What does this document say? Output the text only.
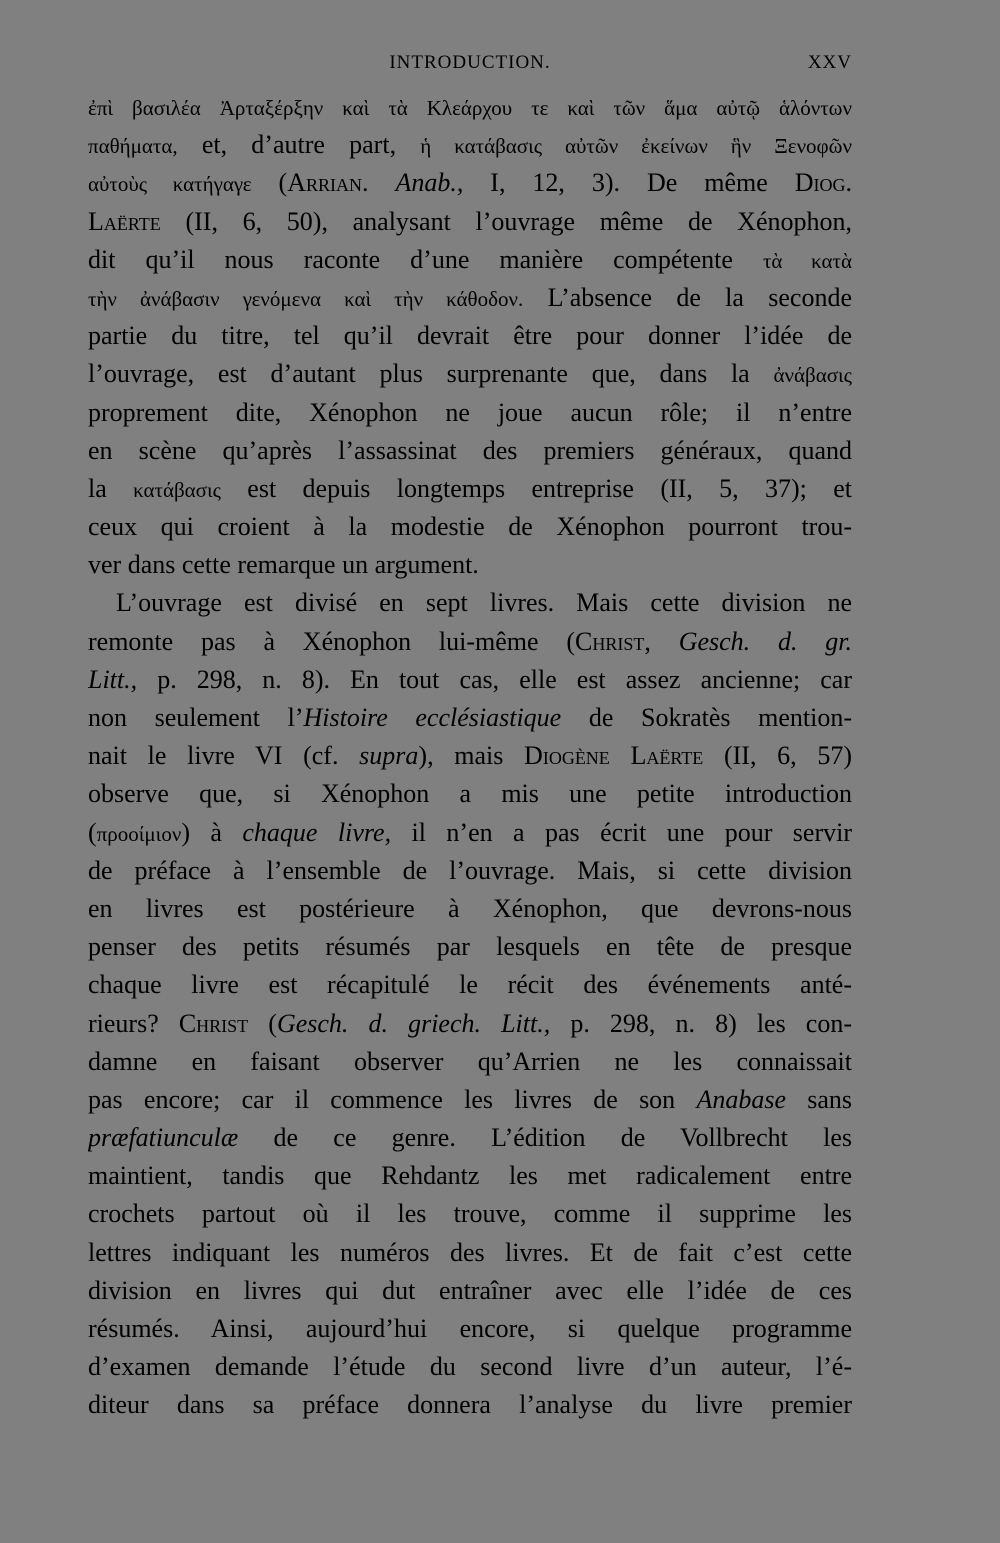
INTRODUCTION.	XXV
ἐπὶ βασιλέα Ἀρταξέρξην καὶ τὰ Κλεάρχου τε καὶ τῶν ἅμα αὐτῷ ἁλόντων
παθήματα, et, d’autre part, ἡ κατάβασις αὐτῶν ἐκείνων ἣν Ξενοφῶν
αὐτοὺς κατήγαγε (Arrian. Anab., I, 12, 3). De même Diog.
Laërte (II, 6, 50), analysant l’ouvrage même de Xénophon,
dit qu’il nous raconte d’une manière compétente τὰ κατὰ
τὴν ἀνάβασιν γενόμενα καὶ τὴν κάθοδον. L’absence de la seconde
partie du titre, tel qu’il devrait être pour donner l’idée de
l’ouvrage, est d’autant plus surprenante que, dans la ἀνάβασις
proprement dite, Xénophon ne joue aucun rôle; il n’entre
en scène qu’après l’assassinat des premiers généraux, quand
la κατάβασις est depuis longtemps entreprise (II, 5, 37); et
ceux qui croient à la modestie de Xénophon pourront trou-
ver dans cette remarque un argument.
L’ouvrage est divisé en sept livres. Mais cette division ne
remonte pas à Xénophon lui-même (Christ, Gesch. d. gr.
Litt., p. 298, n. 8). En tout cas, elle est assez ancienne; car
non seulement l’Histoire ecclésiastique de Sokratès mention-
nait le livre VI (cf. supra), mais Diogène Laërte (II, 6, 57)
observe que, si Xénophon a mis une petite introduction
(προοίμιον) à chaque livre, il n’en a pas écrit une pour servir
de préface à l’ensemble de l’ouvrage. Mais, si cette division
en livres est postérieure à Xénophon, que devrons-nous
penser des petits résumés par lesquels en tête de presque
chaque livre est récapitulé le récit des événements anté-
rieurs? Christ (Gesch. d. griech. Litt., p. 298, n. 8) les con-
damne en faisant observer qu’Arrien ne les connaissait
pas encore; car il commence les livres de son Anabase sans
præfatiunculæ de ce genre. L’édition de Vollbrecht les
maintient, tandis que Rehdantz les met radicalement entre
crochets partout où il les trouve, comme il supprime les
lettres indiquant les numéros des livres. Et de fait c’est cette
division en livres qui dut entraîner avec elle l’idée de ces
résumés. Ainsi, aujourd’hui encore, si quelque programme
d’examen demande l’étude du second livre d’un auteur, l’é-
diteur dans sa préface donnera l’analyse du livre premier
